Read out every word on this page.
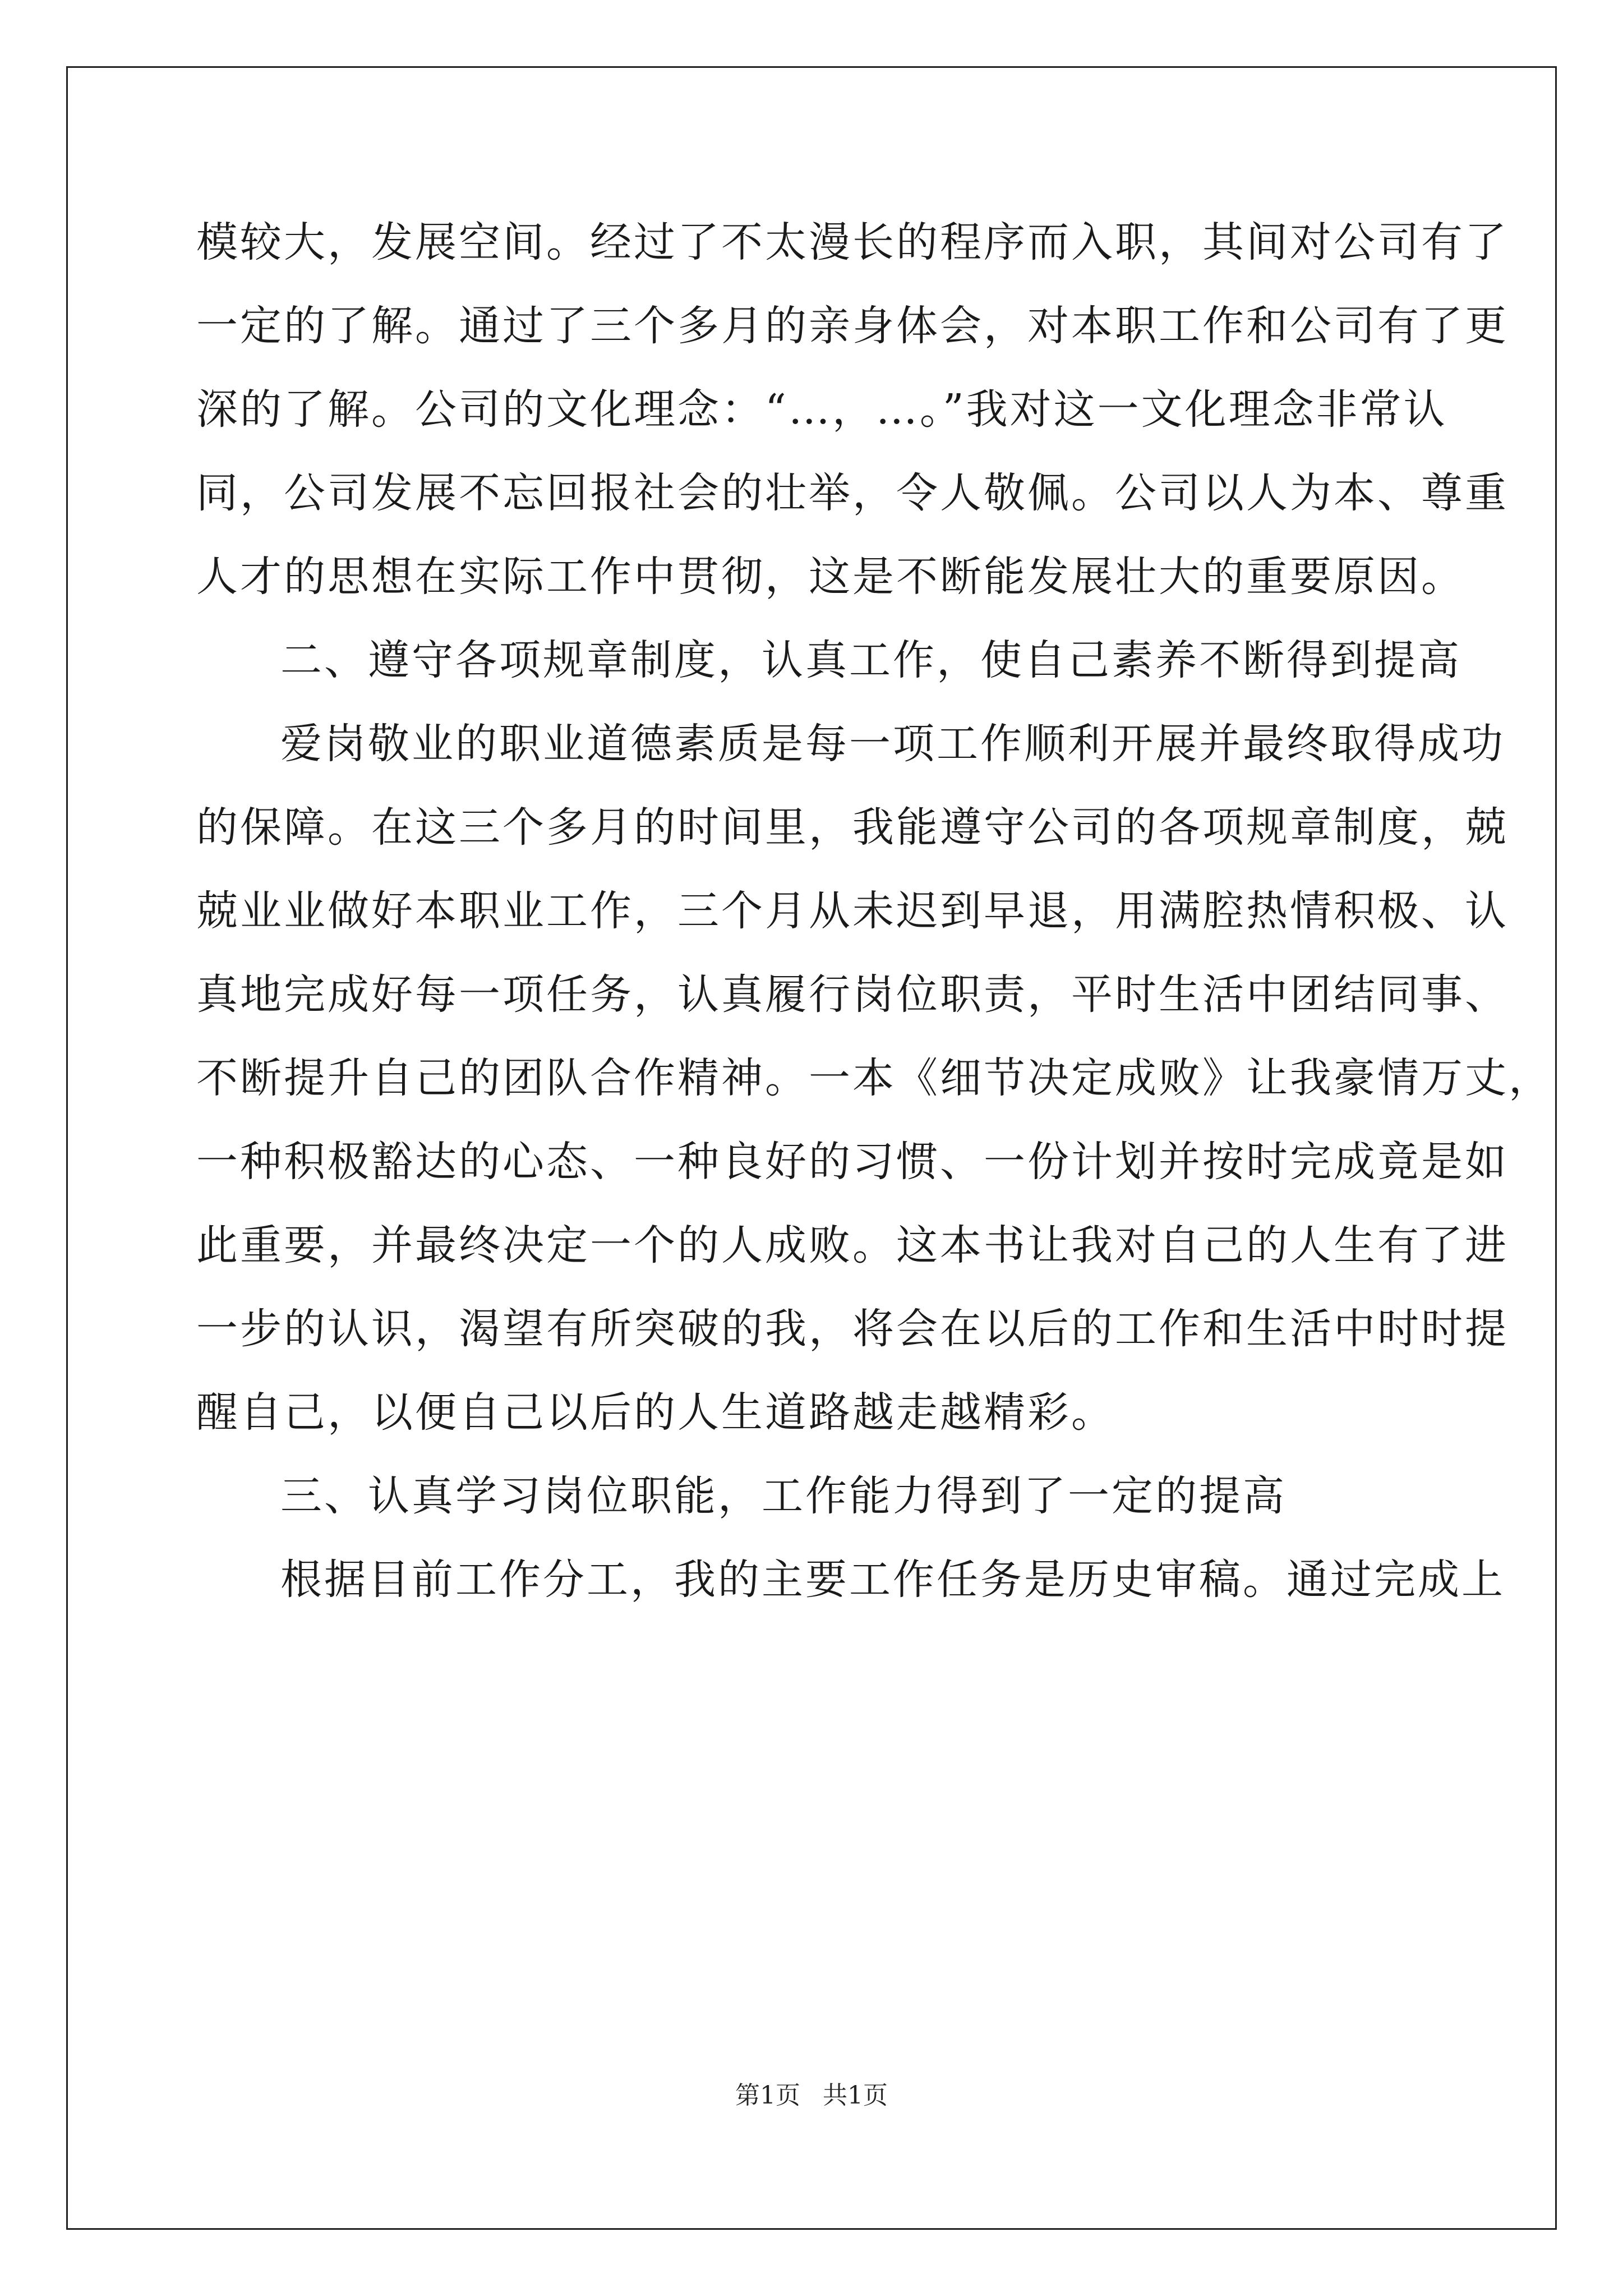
模较大，发展空间。经过了不太漫长的程序而入职，其间对公司有了
一定的了解。通过了三个多月的亲身体会，对本职工作和公司有了更
深的了解。公司的文化理念：“…，…。”我对这一文化理念非常认
同，公司发展不忘回报社会的壮举，令人敬佩。公司以人为本、尊重
人才的思想在实际工作中贯彻，这是不断能发展壮大的重要原因。
二、遵守各项规章制度，认真工作，使自己素养不断得到提高
爱岗敬业的职业道德素质是每一项工作顺利开展并最终取得成功
的保障。在这三个多月的时间里，我能遵守公司的各项规章制度，兢
兢业业做好本职业工作，三个月从未迟到早退，用满腔热情积极、认
真地完成好每一项任务，认真履行岗位职责，平时生活中团结同事、
不断提升自己的团队合作精神。一本《细节决定成败》让我豪情万丈，
一种积极豁达的心态、一种良好的习惯、一份计划并按时完成竟是如
此重要，并最终决定一个的人成败。这本书让我对自己的人生有了进
一步的认识，渴望有所突破的我，将会在以后的工作和生活中时时提
醒自己，以便自己以后的人生道路越走越精彩。
三、认真学习岗位职能，工作能力得到了一定的提高
根据目前工作分工，我的主要工作任务是历史审稿。通过完成上
第1页 共1页
